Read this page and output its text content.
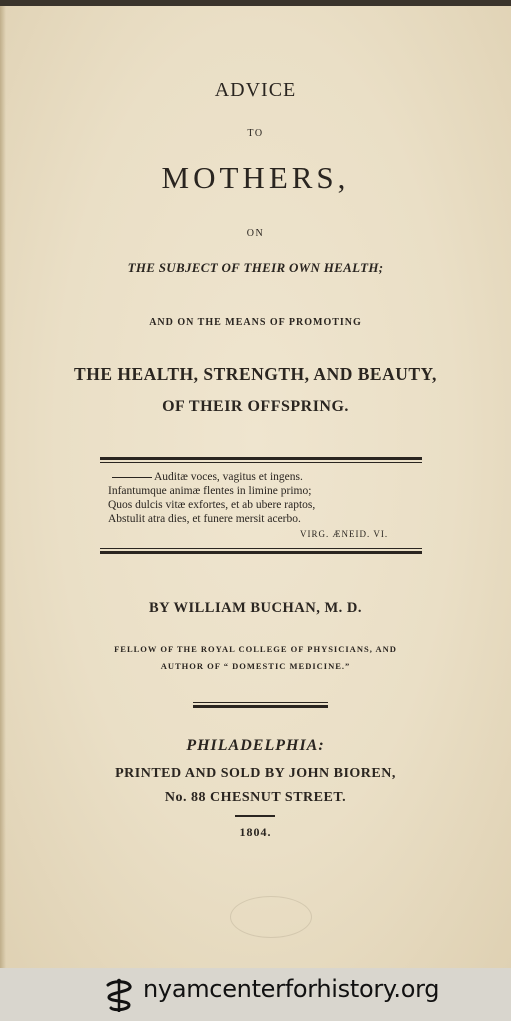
ADVICE
TO
MOTHERS,
ON
THE SUBJECT OF THEIR OWN HEALTH;
AND ON THE MEANS OF PROMOTING
THE HEALTH, STRENGTH, AND BEAUTY,
OF THEIR OFFSPRING.
Auditæ voces, vagitus et ingens.
Infantumque animæ flentes in limine primo;
Quos dulcis vitæ exfortes, et ab ubere raptos,
Abstulit atra dies, et funere mersit acerbo.
VIRG. ÆNEID. VI.
BY WILLIAM BUCHAN, M. D.
FELLOW OF THE ROYAL COLLEGE OF PHYSICIANS, AND
AUTHOR OF “ DOMESTIC MEDICINE.”
PHILADELPHIA:
PRINTED AND SOLD BY JOHN BIOREN,
No. 88 CHESNUT STREET.
1804.
nyamcenterforhistory.org
